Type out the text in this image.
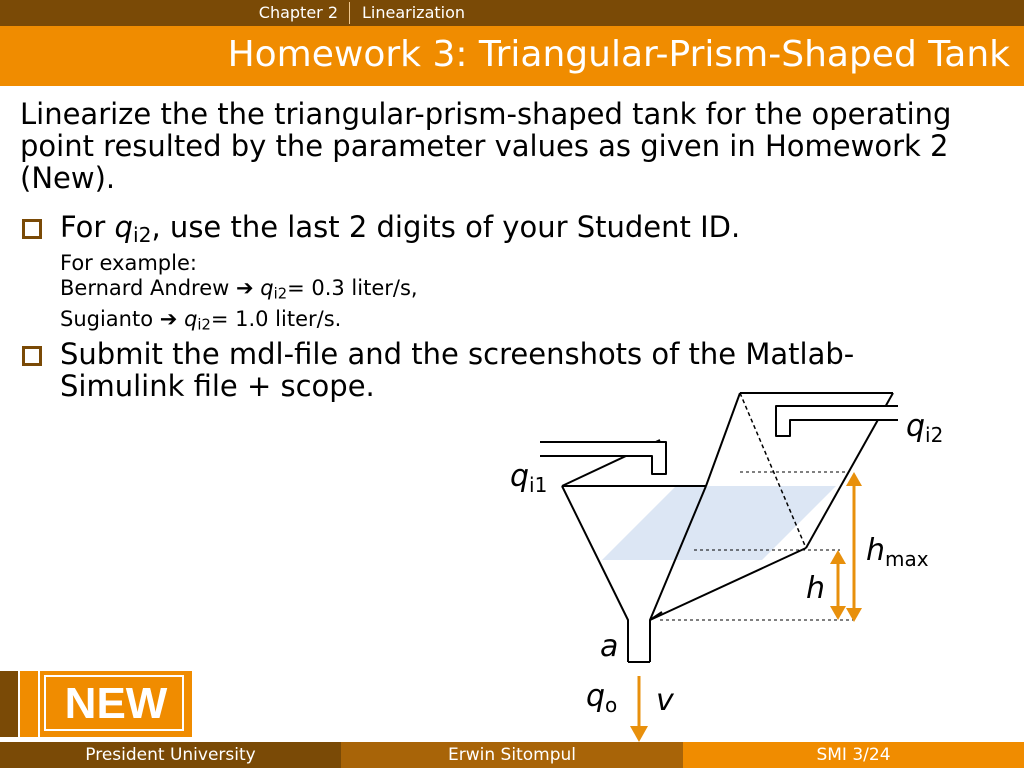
Chapter 2 Linearization
Homework 3: Triangular-Prism-Shaped Tank
Linearize the the triangular-prism-shaped tank for the operating point resulted by the parameter values as given in Homework 2 (New).
For qi2, use the last 2 digits of your Student ID.
For example:
Bernard Andrew ➔ qi2= 0.3 liter/s,
Sugianto ➔ qi2= 1.0 liter/s.
Submit the mdl-file and the screenshots of the Matlab-
Simulink file + scope.
$q_{i1}$
$q_{i2}$
$h_{max}$
h
a
$q_o$ v
NEW
President University	Erwin Sitompul	SMI 3/24
